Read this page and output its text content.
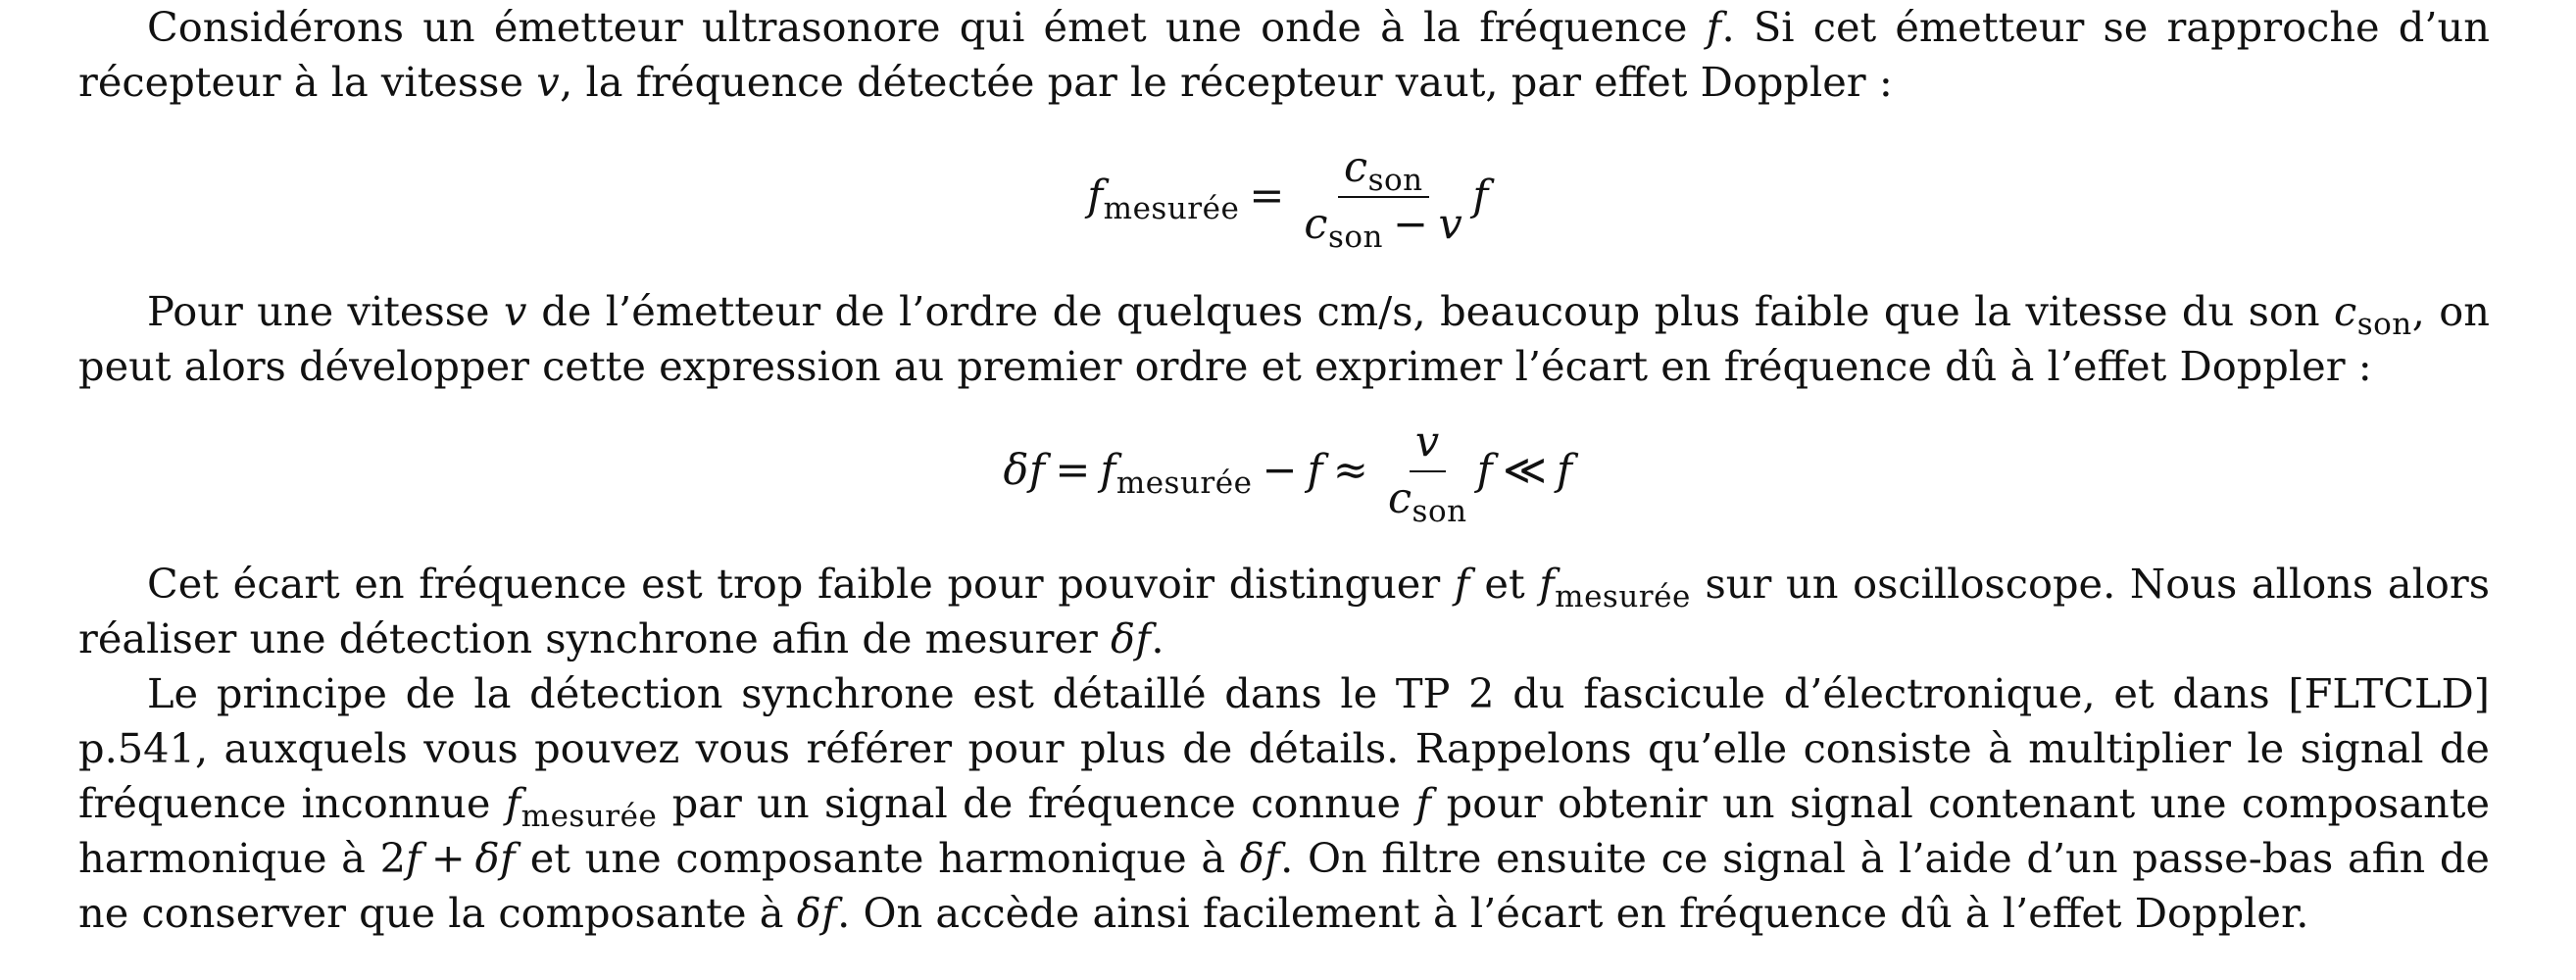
Considérons un émetteur ultrasonore qui émet une onde à la fréquence f. Si cet émetteur se rapproche d’un récepteur à la vitesse v, la fréquence détectée par le récepteur vaut, par effet Doppler :

$f_{mesurée} = \frac{c_{son}}{c_{son} - v}$ f

Pour une vitesse v de l’émetteur de l’ordre de quelques cm/s, beaucoup plus faible que la vitesse du son $c_{son}$, on peut alors développer cette expression au premier ordre et exprimer l’écart en fréquence dû à l’effet Doppler :

$\delta f = f_{mesurée} - f \approx \frac{v}{c_{son}}$ f ≪ f

Cet écart en fréquence est trop faible pour pouvoir distinguer f et $f_{mesurée}$ sur un oscilloscope. Nous allons alors réaliser une détection synchrone afin de mesurer δf.

Le principe de la détection synchrone est détaillé dans le TP 2 du fascicule d’électronique, et dans [FLTCLD] p.541, auxquels vous pouvez vous référer pour plus de détails. Rappelons qu’elle consiste à multiplier le signal de fréquence inconnue $f_{mesurée}$ par un signal de fréquence connue f pour obtenir un signal contenant une composante harmonique à 2f + δf et une composante harmonique à δf. On filtre ensuite ce signal à l’aide d’un passe-bas afin de ne conserver que la composante à δf. On accède ainsi facilement à l’écart en fréquence dû à l’effet Doppler.
